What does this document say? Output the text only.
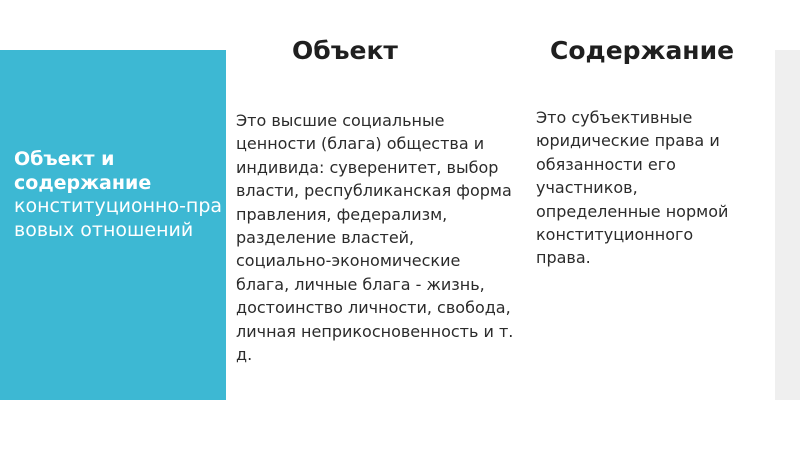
Объект и содержание
конституционно-правовых отношений
Объект	Содержание
Это высшие социальные ценности (блага) общества и индивида: суверенитет, выбор власти, республиканская форма правления, федерализм, разделение властей, социально-экономические блага, личные блага - жизнь, достоинство личности, свобода, личная неприкосновенность и т. д.
Это субъективные юридические права и обязанности его участников, определенные нормой конституционного права.
